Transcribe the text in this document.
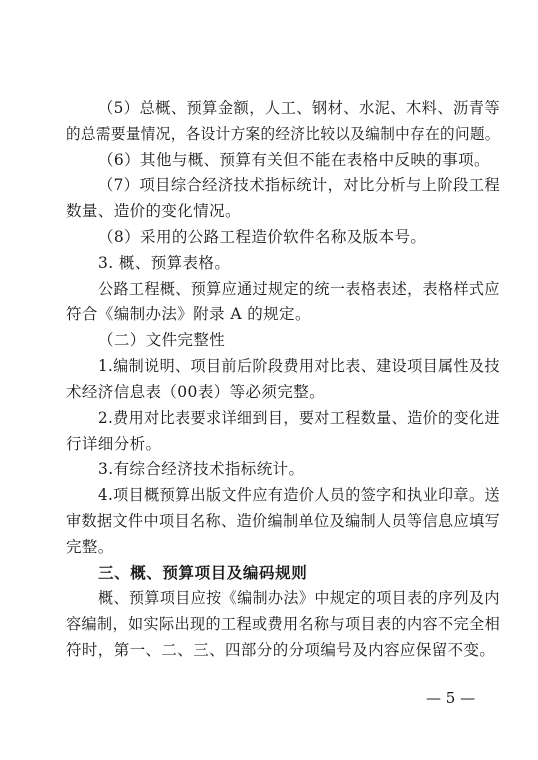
（5）总概、预算金额，人工、钢材、水泥、木料、沥青等
的总需要量情况，各设计方案的经济比较以及编制中存在的问题。
（6）其他与概、预算有关但不能在表格中反映的事项。
（7）项目综合经济技术指标统计，对比分析与上阶段工程
数量、造价的变化情况。
（8）采用的公路工程造价软件名称及版本号。
3. 概、预算表格。
公路工程概、预算应通过规定的统一表格表述，表格样式应
符合《编制办法》附录 A 的规定。
（二）文件完整性
1.编制说明、项目前后阶段费用对比表、建设项目属性及技
术经济信息表（00表）等必须完整。
2.费用对比表要求详细到目，要对工程数量、造价的变化进
行详细分析。
3.有综合经济技术指标统计。
4.项目概预算出版文件应有造价人员的签字和执业印章。送
审数据文件中项目名称、造价编制单位及编制人员等信息应填写
完整。
三、概、预算项目及编码规则
概、预算项目应按《编制办法》中规定的项目表的序列及内
容编制，如实际出现的工程或费用名称与项目表的内容不完全相
符时，第一、二、三、四部分的分项编号及内容应保留不变。
— 5 —
